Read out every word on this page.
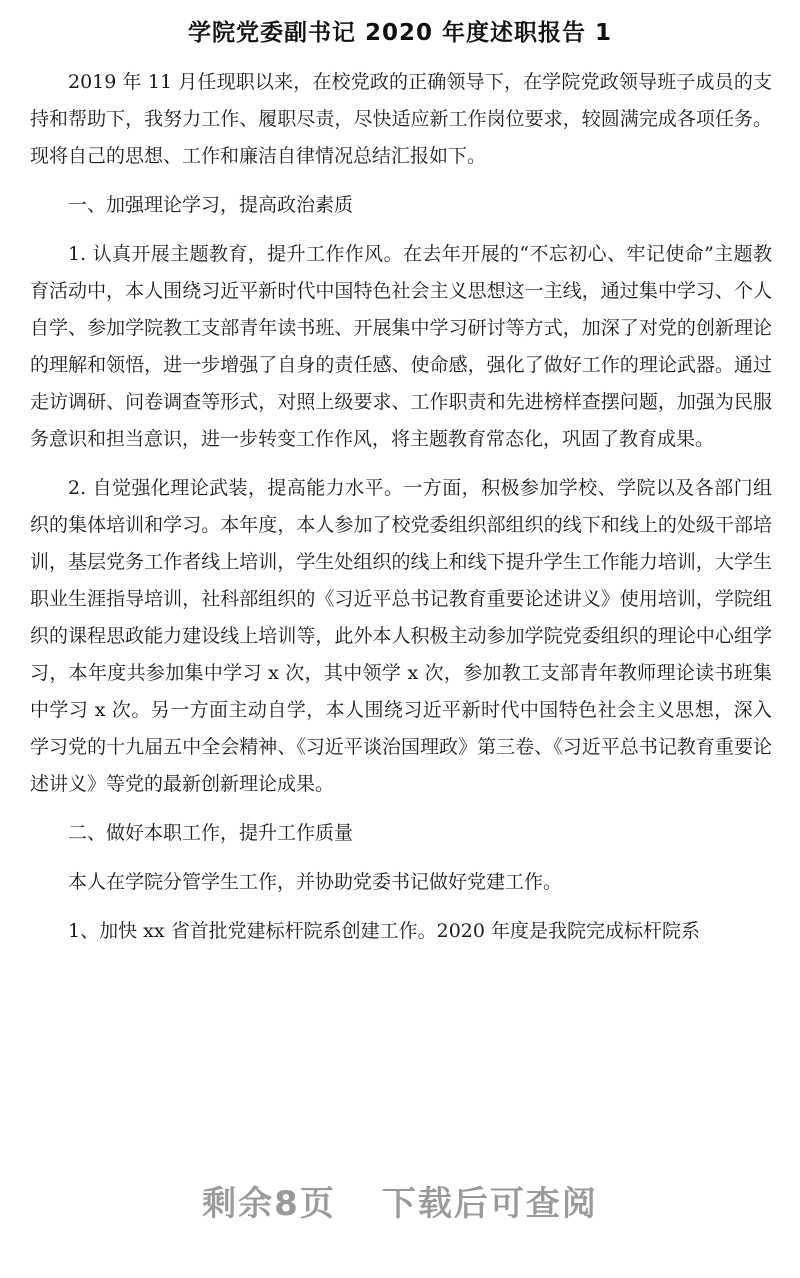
学院党委副书记 2020 年度述职报告 1

2019 年 11 月任现职以来，在校党政的正确领导下，在学院党政领导班子成员的支持和帮助下，我努力工作、履职尽责，尽快适应新工作岗位要求，较圆满完成各项任务。现将自己的思想、工作和廉洁自律情况总结汇报如下。

一、加强理论学习，提高政治素质

1. 认真开展主题教育，提升工作作风。在去年开展的“不忘初心、牢记使命”主题教育活动中，本人围绕习近平新时代中国特色社会主义思想这一主线，通过集中学习、个人自学、参加学院教工支部青年读书班、开展集中学习研讨等方式，加深了对党的创新理论的理解和领悟，进一步增强了自身的责任感、使命感，强化了做好工作的理论武器。通过走访调研、问卷调查等形式，对照上级要求、工作职责和先进榜样查摆问题，加强为民服务意识和担当意识，进一步转变工作作风，将主题教育常态化，巩固了教育成果。

2. 自觉强化理论武装，提高能力水平。一方面，积极参加学校、学院以及各部门组织的集体培训和学习。本年度，本人参加了校党委组织部组织的线下和线上的处级干部培训，基层党务工作者线上培训，学生处组织的线上和线下提升学生工作能力培训，大学生职业生涯指导培训，社科部组织的《习近平总书记教育重要论述讲义》使用培训，学院组织的课程思政能力建设线上培训等，此外本人积极主动参加学院党委组织的理论中心组学习，本年度共参加集中学习 x 次，其中领学 x 次，参加教工支部青年教师理论读书班集中学习 x 次。另一方面主动自学，本人围绕习近平新时代中国特色社会主义思想，深入学习党的十九届五中全会精神、《习近平谈治国理政》第三卷、《习近平总书记教育重要论述讲义》等党的最新创新理论成果。

二、做好本职工作，提升工作质量

本人在学院分管学生工作，并协助党委书记做好党建工作。

1、加快 xx 省首批党建标杆院系创建工作。2020 年度是我院完成标杆院系

剩余8页 下载后可查阅
